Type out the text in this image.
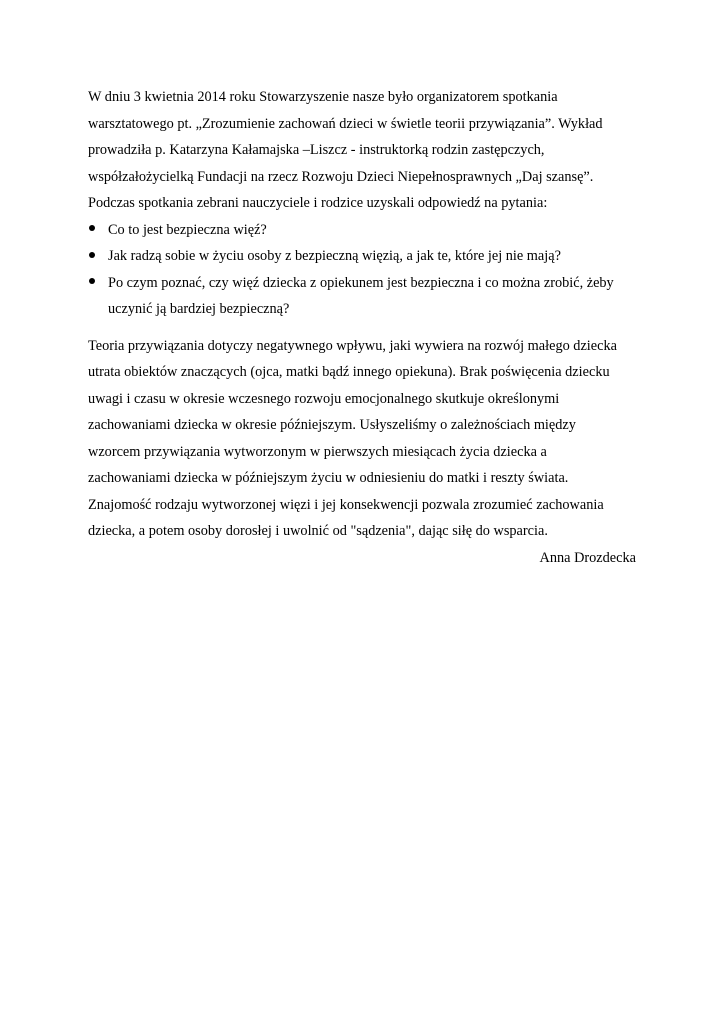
W dniu 3 kwietnia 2014 roku Stowarzyszenie nasze było organizatorem spotkania
warsztatowego pt. „Zrozumienie zachowań dzieci w świetle teorii przywiązania”. Wykład
prowadziła p. Katarzyna Kałamajska –Liszcz - instruktorką rodzin zastępczych,
współzałożycielką Fundacji na rzecz Rozwoju Dzieci Niepełnosprawnych „Daj szansę”.
Podczas spotkania zebrani nauczyciele i rodzice uzyskali odpowiedź na pytania:

Co to jest bezpieczna więź?
Jak radzą sobie w życiu osoby z bezpieczną więzią, a jak te, które jej nie mają?
Po czym poznać, czy więź dziecka z opiekunem jest bezpieczna i co można zrobić, żeby
uczynić ją bardziej bezpieczną?

Teoria przywiązania dotyczy negatywnego wpływu, jaki wywiera na rozwój małego dziecka
utrata obiektów znaczących (ojca, matki bądź innego opiekuna). Brak poświęcenia dziecku
uwagi i czasu w okresie wczesnego rozwoju emocjonalnego skutkuje określonymi
zachowaniami dziecka w okresie późniejszym. Usłyszeliśmy o zależnościach między
wzorcem przywiązania wytworzonym w pierwszych miesiącach życia dziecka a
zachowaniami dziecka w późniejszym życiu w odniesieniu do matki i reszty świata.
Znajomość rodzaju wytworzonej więzi i jej konsekwencji pozwala zrozumieć zachowania
dziecka, a potem osoby dorosłej i uwolnić od "sądzenia", dając siłę do wsparcia.

Anna Drozdecka
